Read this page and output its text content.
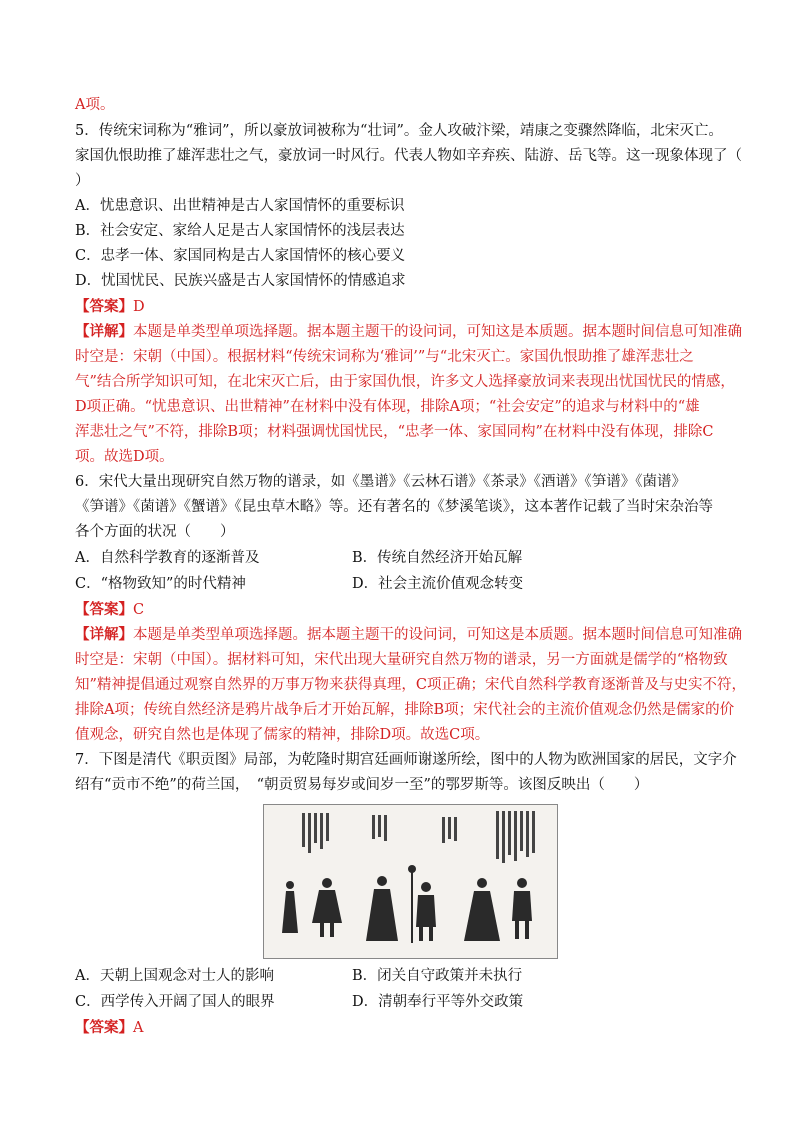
A项。
5．传统宋词称为“雅词”，所以豪放词被称为“壮词”。金人攻破汴梁，靖康之变骤然降临，北宋灭亡。
家国仇恨助推了雄浑悲壮之气，豪放词一时风行。代表人物如辛弃疾、陆游、岳飞等。这一现象体现了（
）
A．忧患意识、出世精神是古人家国情怀的重要标识
B．社会安定、家给人足是古人家国情怀的浅层表达
C．忠孝一体、家国同构是古人家国情怀的核心要义
D．忧国忧民、民族兴盛是古人家国情怀的情感追求
【答案】D
【详解】本题是单类型单项选择题。据本题主题干的设问词，可知这是本质题。据本题时间信息可知准确
时空是：宋朝（中国）。根据材料“传统宋词称为‘雅词’”与“北宋灭亡。家国仇恨助推了雄浑悲壮之
气”结合所学知识可知，在北宋灭亡后，由于家国仇恨，许多文人选择豪放词来表现出忧国忧民的情感，
D项正确。“忧患意识、出世精神”在材料中没有体现，排除A项；“社会安定”的追求与材料中的“雄
浑悲壮之气”不符，排除B项；材料强调忧国忧民，“忠孝一体、家国同构”在材料中没有体现，排除C
项。故选D项。
6．宋代大量出现研究自然万物的谱录，如《墨谱》《云林石谱》《茶录》《酒谱》《笋谱》《菌谱》
《笋谱》《菌谱》《蟹谱》《昆虫草木略》等。还有著名的《梦溪笔谈》，这本著作记载了当时宋杂治等
各个方面的状况（　　）
A．自然科学教育的逐渐普及	B．传统自然经济开始瓦解
C．“格物致知”的时代精神	D．社会主流价值观念转变
【答案】C
【详解】本题是单类型单项选择题。据本题主题干的设问词，可知这是本质题。据本题时间信息可知准确
时空是：宋朝（中国）。据材料可知，宋代出现大量研究自然万物的谱录，另一方面就是儒学的“格物致
知”精神提倡通过观察自然界的万事万物来获得真理，C项正确；宋代自然科学教育逐渐普及与史实不符，
排除A项；传统自然经济是鸦片战争后才开始瓦解，排除B项；宋代社会的主流价值观念仍然是儒家的价
值观念，研究自然也是体现了儒家的精神，排除D项。故选C项。
7．下图是清代《职贡图》局部，为乾隆时期宫廷画师谢遂所绘，图中的人物为欧洲国家的居民，文字介
绍有“贡市不绝”的荷兰国，　“朝贡贸易每岁或间岁一至”的鄂罗斯等。该图反映出（　　）
A．天朝上国观念对士人的影响	B．闭关自守政策并未执行
C．西学传入开阔了国人的眼界	D．清朝奉行平等外交政策
【答案】A
